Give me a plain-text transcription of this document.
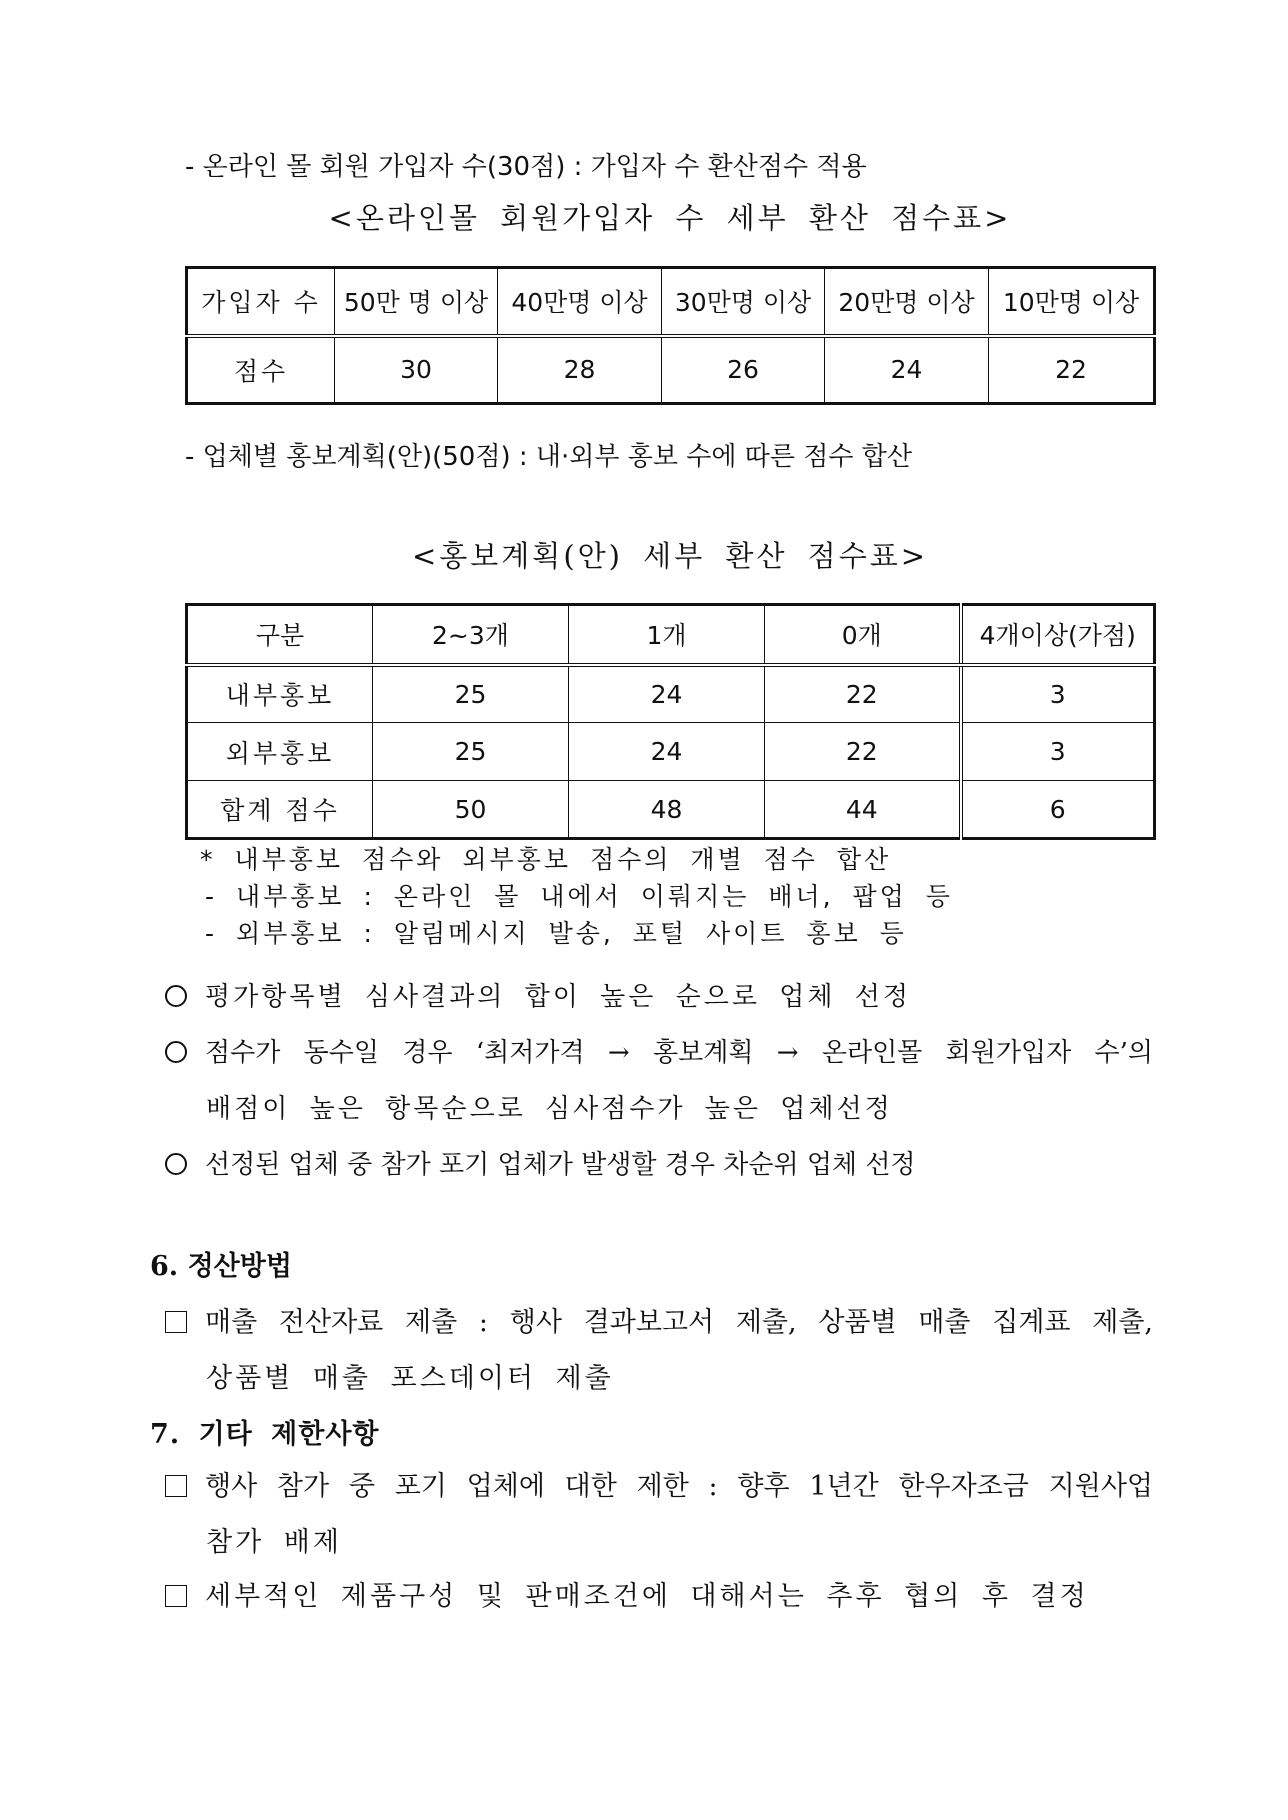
- 온라인 몰 회원 가입자 수(30점) : 가입자 수 환산점수 적용
<온라인몰 회원가입자 수 세부 환산 점수표>
가입자 수	50만 명 이상	40만명 이상	30만명 이상	20만명 이상	10만명 이상
점수	30	28	26	24	22
- 업체별 홍보계획(안)(50점) : 내·외부 홍보 수에 따른 점수 합산
<홍보계획(안) 세부 환산 점수표>
구분	2~3개	1개	0개	4개이상(가점)
내부홍보	25	24	22	3
외부홍보	25	24	22	3
합계 점수	50	48	44	6
* 내부홍보 점수와 외부홍보 점수의 개별 점수 합산
- 내부홍보 : 온라인 몰 내에서 이뤄지는 배너, 팝업 등
- 외부홍보 : 알림메시지 발송, 포털 사이트 홍보 등
평가항목별 심사결과의 합이 높은 순으로 업체 선정
점수가 동수일 경우 ‘최저가격 → 홍보계획 → 온라인몰 회원가입자 수’의
배점이 높은 항목순으로 심사점수가 높은 업체선정
선정된 업체 중 참가 포기 업체가 발생할 경우 차순위 업체 선정
6. 정산방법
매출 전산자료 제출 : 행사 결과보고서 제출, 상품별 매출 집계표 제출,
상품별 매출 포스데이터 제출
7. 기타 제한사항
행사 참가 중 포기 업체에 대한 제한 : 향후 1년간 한우자조금 지원사업
참가 배제
세부적인 제품구성 및 판매조건에 대해서는 추후 협의 후 결정
